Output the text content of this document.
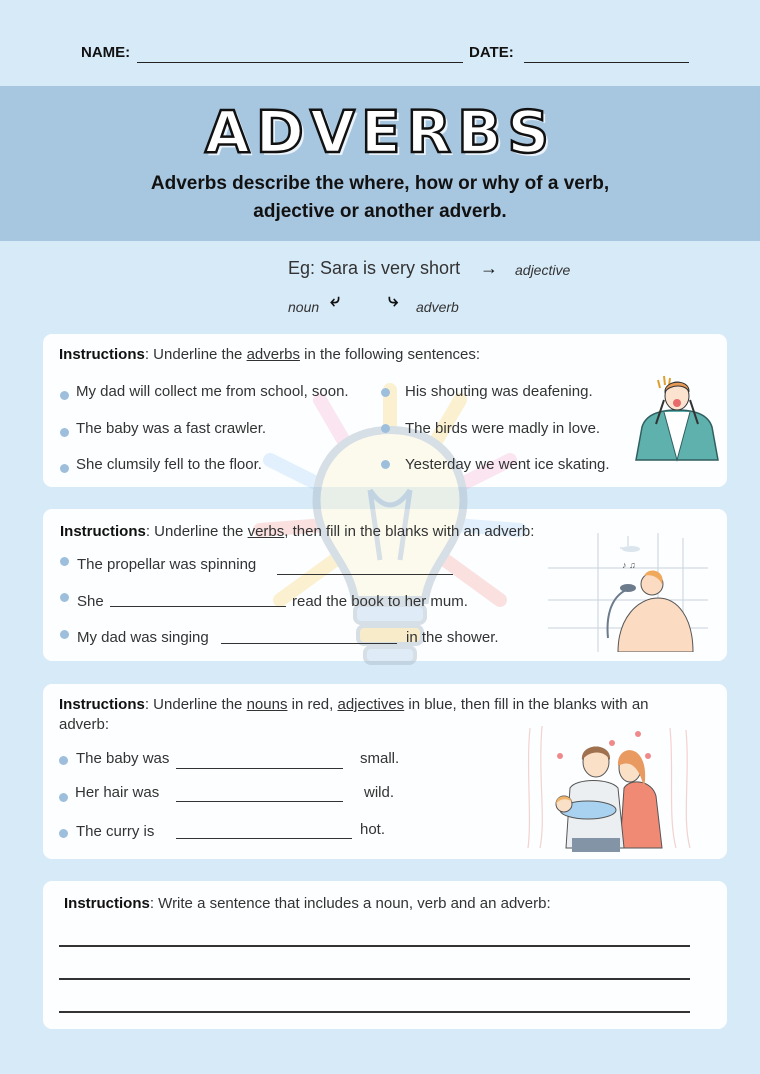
NAME:	DATE:
ADVERBS
Adverbs describe the where, how or why of a verb,
adjective or another adverb.
Eg: Sara is very short → adjective
noun ⤶	⤷ adverb
Instructions: Underline the adverbs in the following sentences:
My dad will collect me from school, soon.
The baby was a fast crawler.
She clumsily fell to the floor.
His shouting was deafening.
The birds were madly in love.
Yesterday we went ice skating.
Instructions: Underline the verbs, then fill in the blanks with an adverb:
The propellar was spinning
She	read the book to her mum.
My dad was singing	in the shower.
♪ ♫
Instructions: Underline the nouns in red, adjectives in blue, then fill in the blanks with an
adverb:
The baby was	small.
Her hair was	wild.
The curry is	hot.
Instructions: Write a sentence that includes a noun, verb and an adverb:
